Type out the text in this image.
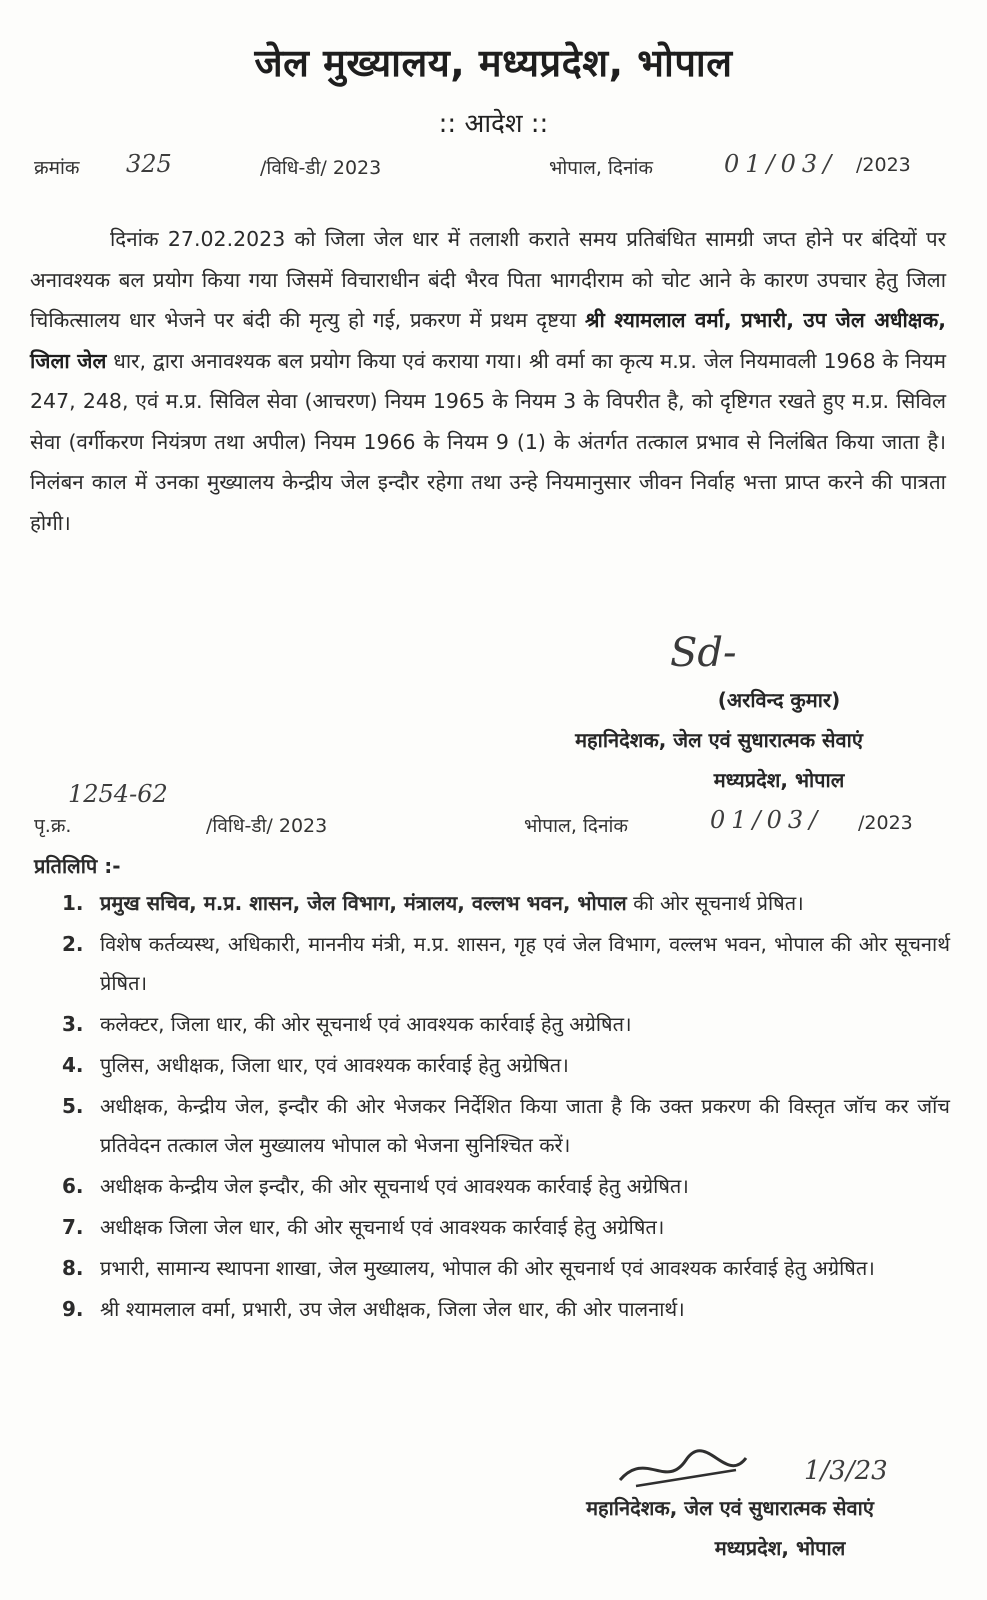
जेल मुख्यालय, मध्यप्रदेश, भोपाल
:: आदेश ::
क्रमांक 325	/विधि-डी/ 2023	भोपाल, दिनांक	01/03/ /2023
दिनांक 27.02.2023 को जिला जेल धार में तलाशी कराते समय प्रतिबंधित सामग्री जप्त होने पर बंदियों पर अनावश्यक बल प्रयोग किया गया जिसमें विचाराधीन बंदी भैरव पिता भागदीराम को चोट आने के कारण उपचार हेतु जिला चिकित्सालय धार भेजने पर बंदी की मृत्यु हो गई, प्रकरण में प्रथम दृष्टया श्री श्यामलाल वर्मा, प्रभारी, उप जेल अधीक्षक, जिला जेल धार, द्वारा अनावश्यक बल प्रयोग किया एवं कराया गया। श्री वर्मा का कृत्य म.प्र. जेल नियमावली 1968 के नियम 247, 248, एवं म.प्र. सिविल सेवा (आचरण) नियम 1965 के नियम 3 के विपरीत है, को दृष्टिगत रखते हुए म.प्र. सिविल सेवा (वर्गीकरण नियंत्रण तथा अपील) नियम 1966 के नियम 9 (1) के अंतर्गत तत्काल प्रभाव से निलंबित किया जाता है। निलंबन काल में उनका मुख्यालय केन्द्रीय जेल इन्दौर रहेगा तथा उन्हे नियमानुसार जीवन निर्वाह भत्ता प्राप्त करने की पात्रता होगी।
Sd-
(अरविन्द कुमार)
महानिदेशक, जेल एवं सुधारात्मक सेवाएं
मध्यप्रदेश, भोपाल
पृ.क्र.
1254-62
/विधि-डी/ 2023	भोपाल, दिनांक	01/03/ /2023
प्रतिलिपि :-
1. प्रमुख सचिव, म.प्र. शासन, जेल विभाग, मंत्रालय, वल्लभ भवन, भोपाल की ओर सूचनार्थ प्रेषित।
2. विशेष कर्तव्यस्थ, अधिकारी, माननीय मंत्री, म.प्र. शासन, गृह एवं जेल विभाग, वल्लभ भवन, भोपाल की ओर सूचनार्थ प्रेषित।
3. कलेक्टर, जिला धार, की ओर सूचनार्थ एवं आवश्यक कार्रवाई हेतु अग्रेषित।
4. पुलिस, अधीक्षक, जिला धार, एवं आवश्यक कार्रवाई हेतु अग्रेषित।
5. अधीक्षक, केन्द्रीय जेल, इन्दौर की ओर भेजकर निर्देशित किया जाता है कि उक्त प्रकरण की विस्तृत जॉच कर जॉच प्रतिवेदन तत्काल जेल मुख्यालय भोपाल को भेजना सुनिश्चित करें।
6. अधीक्षक केन्द्रीय जेल इन्दौर, की ओर सूचनार्थ एवं आवश्यक कार्रवाई हेतु अग्रेषित।
7. अधीक्षक जिला जेल धार, की ओर सूचनार्थ एवं आवश्यक कार्रवाई हेतु अग्रेषित।
8. प्रभारी, सामान्य स्थापना शाखा, जेल मुख्यालय, भोपाल की ओर सूचनार्थ एवं आवश्यक कार्रवाई हेतु अग्रेषित।
9. श्री श्यामलाल वर्मा, प्रभारी, उप जेल अधीक्षक, जिला जेल धार, की ओर पालनार्थ।
1/3/23
महानिदेशक, जेल एवं सुधारात्मक सेवाएं
मध्यप्रदेश, भोपाल
